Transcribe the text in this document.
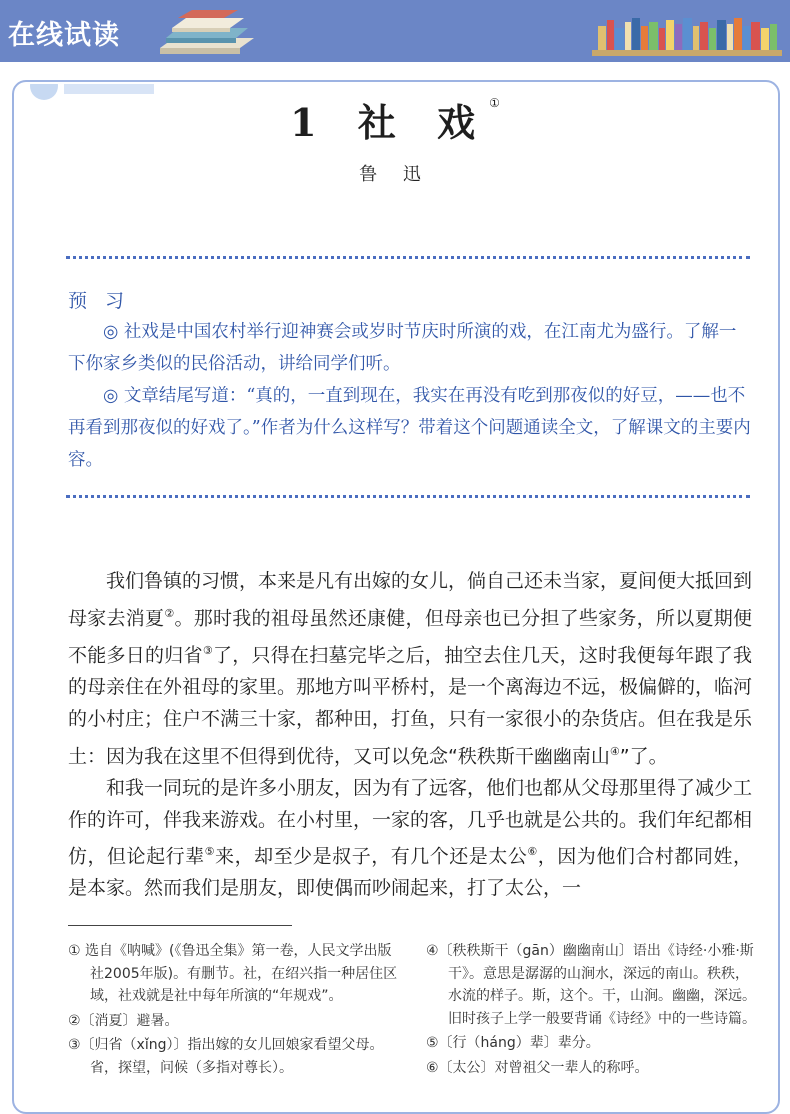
在线试读
1 社 戏①
鲁 迅
预 习

◎ 社戏是中国农村举行迎神赛会或岁时节庆时所演的戏，在江南尤为盛行。了解一下你家乡类似的民俗活动，讲给同学们听。

◎ 文章结尾写道：“真的，一直到现在，我实在再没有吃到那夜似的好豆，——也不再看到那夜似的好戏了。”作者为什么这样写？带着这个问题通读全文，了解课文的主要内容。

我们鲁镇的习惯，本来是凡有出嫁的女儿，倘自己还未当家，夏间便大抵回到母家去消夏②。那时我的祖母虽然还康健，但母亲也已分担了些家务，所以夏期便不能多日的归省③了，只得在扫墓完毕之后，抽空去住几天，这时我便每年跟了我的母亲住在外祖母的家里。那地方叫平桥村，是一个离海边不远，极偏僻的，临河的小村庄；住户不满三十家，都种田，打鱼，只有一家很小的杂货店。但在我是乐土：因为我在这里不但得到优待，又可以免念“秩秩斯干幽幽南山④”了。

和我一同玩的是许多小朋友，因为有了远客，他们也都从父母那里得了减少工作的许可，伴我来游戏。在小村里，一家的客，几乎也就是公共的。我们年纪都相仿，但论起行辈⑤来，却至少是叔子，有几个还是太公⑥，因为他们合村都同姓，是本家。然而我们是朋友，即使偶而吵闹起来，打了太公，一

① 选自《呐喊》(《鲁迅全集》第一卷，人民文学出版社2005年版)。有删节。社，在绍兴指一种居住区域，社戏就是社中每年所演的“年规戏”。

②〔消夏〕避暑。

③〔归省（xǐng）〕指出嫁的女儿回娘家看望父母。省，探望，问候（多指对尊长）。

④〔秩秩斯干（gān）幽幽南山〕语出《诗经·小雅·斯干》。意思是潺潺的山涧水，深远的南山。秩秩，水流的样子。斯，这个。干，山涧。幽幽，深远。旧时孩子上学一般要背诵《诗经》中的一些诗篇。

⑤〔行（háng）辈〕辈分。

⑥〔太公〕对曾祖父一辈人的称呼。
